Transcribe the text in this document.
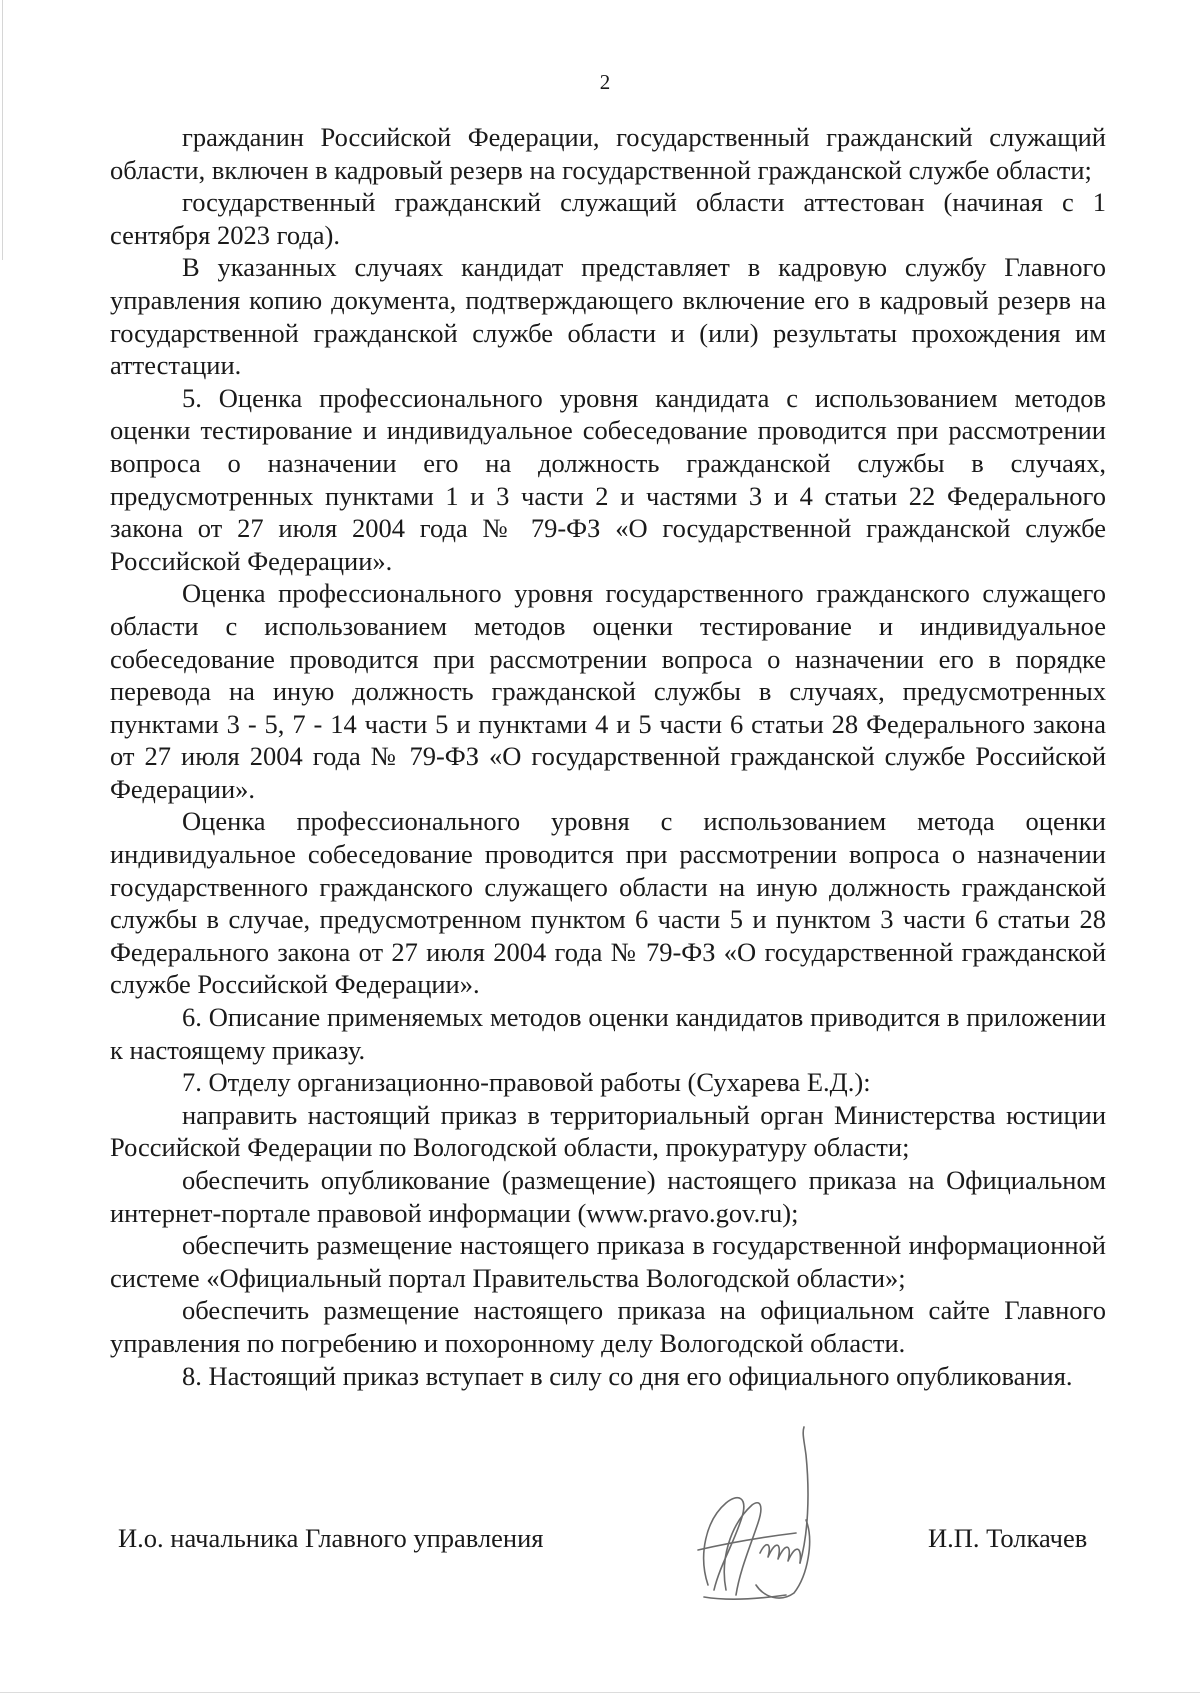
2

гражданин Российской Федерации, государственный гражданский служащий области, включен в кадровый резерв на государственной гражданской службе области;

государственный гражданский служащий области аттестован (начиная с 1 сентября 2023 года).

В указанных случаях кандидат представляет в кадровую службу Главного управления копию документа, подтверждающего включение его в кадровый резерв на государственной гражданской службе области и (или) результаты прохождения им аттестации.

5. Оценка профессионального уровня кандидата с использованием методов оценки тестирование и индивидуальное собеседование проводится при рассмотрении вопроса о назначении его на должность гражданской службы в случаях, предусмотренных пунктами 1 и 3 части 2 и частями 3 и 4 статьи 22 Федерального закона от 27 июля 2004 года № 79-ФЗ «О государственной гражданской службе Российской Федерации».

Оценка профессионального уровня государственного гражданского служащего области с использованием методов оценки тестирование и индивидуальное собеседование проводится при рассмотрении вопроса о назначении его в порядке перевода на иную должность гражданской службы в случаях, предусмотренных пунктами 3 - 5, 7 - 14 части 5 и пунктами 4 и 5 части 6 статьи 28 Федерального закона от 27 июля 2004 года № 79-ФЗ «О государственной гражданской службе Российской Федерации».

Оценка профессионального уровня с использованием метода оценки индивидуальное собеседование проводится при рассмотрении вопроса о назначении государственного гражданского служащего области на иную должность гражданской службы в случае, предусмотренном пунктом 6 части 5 и пунктом 3 части 6 статьи 28 Федерального закона от 27 июля 2004 года № 79-ФЗ «О государственной гражданской службе Российской Федерации».

6. Описание применяемых методов оценки кандидатов приводится в приложении к настоящему приказу.

7. Отделу организационно-правовой работы (Сухарева Е.Д.):

направить настоящий приказ в территориальный орган Министерства юстиции Российской Федерации по Вологодской области, прокуратуру области;

обеспечить опубликование (размещение) настоящего приказа на Официальном интернет-портале правовой информации (www.pravo.gov.ru);

обеспечить размещение настоящего приказа в государственной информационной системе «Официальный портал Правительства Вологодской области»;

обеспечить размещение настоящего приказа на официальном сайте Главного управления по погребению и похоронному делу Вологодской области.

8. Настоящий приказ вступает в силу со дня его официального опубликования.

И.о. начальника Главного управления	И.П. Толкачев
